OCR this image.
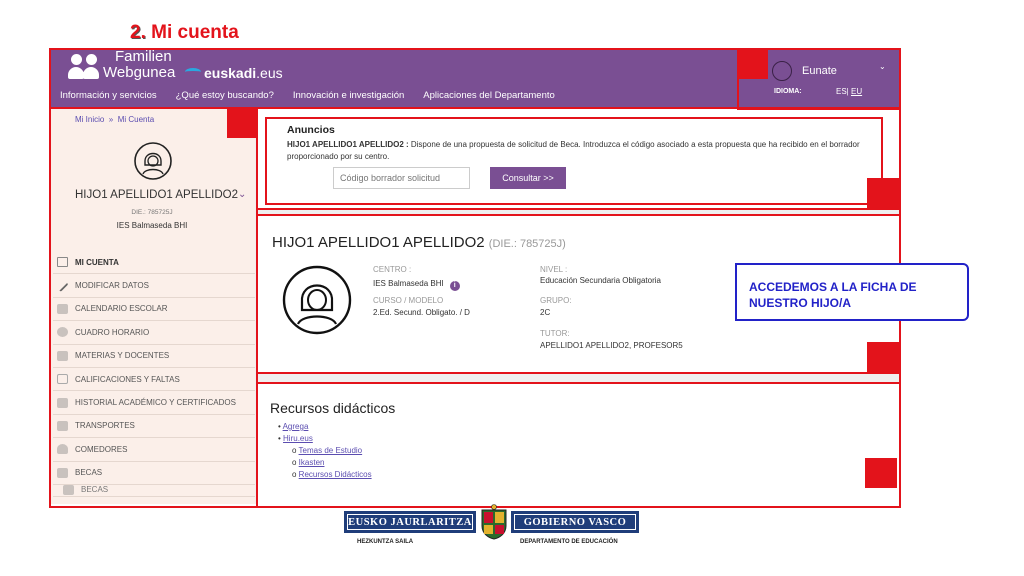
2. Mi cuenta
Familien
Webgunea	euskadi.eus
Información y servicios ¿Qué estoy buscando? Innovación e investigación Aplicaciones del Departamento
Eunate	⌄
IDIOMA:	ES| EU
Mi Inicio » Mi Cuenta
HIJO1 APELLIDO1 APELLIDO2 ⌄
DIE.: 785725J
IES Balmaseda BHI
MI CUENTA
MODIFICAR DATOS
CALENDARIO ESCOLAR
CUADRO HORARIO
MATERIAS Y DOCENTES
CALIFICACIONES Y FALTAS
HISTORIAL ACADÉMICO Y CERTIFICADOS
TRANSPORTES
COMEDORES
BECAS
BECAS
Anuncios
HIJO1 APELLIDO1 APELLIDO2 : Dispone de una propuesta de solicitud de Beca. Introduzca el código asociado a esta propuesta que ha recibido en el borrador proporcionado por su centro.
Código borrador solicitud
Consultar >>
HIJO1 APELLIDO1 APELLIDO2 (DIE.: 785725J)
CENTRO :
IES Balmaseda BHI i
CURSO / MODELO
2.Ed. Secund. Obligato. / D
NIVEL :
Educación Secundaria Obligatoria
GRUPO:
2C
TUTOR:
APELLIDO1 APELLIDO2, PROFESOR5
Recursos didácticos
• Agrega
• Hiru.eus
o Temas de Estudio
o Ikasten
o Recursos Didácticos
ACCEDEMOS A LA FICHA DE
NUESTRO HIJO/A
EUSKO JAURLARITZA	GOBIERNO VASCO
HEZKUNTZA SAILA	DEPARTAMENTO DE EDUCACIÓN
